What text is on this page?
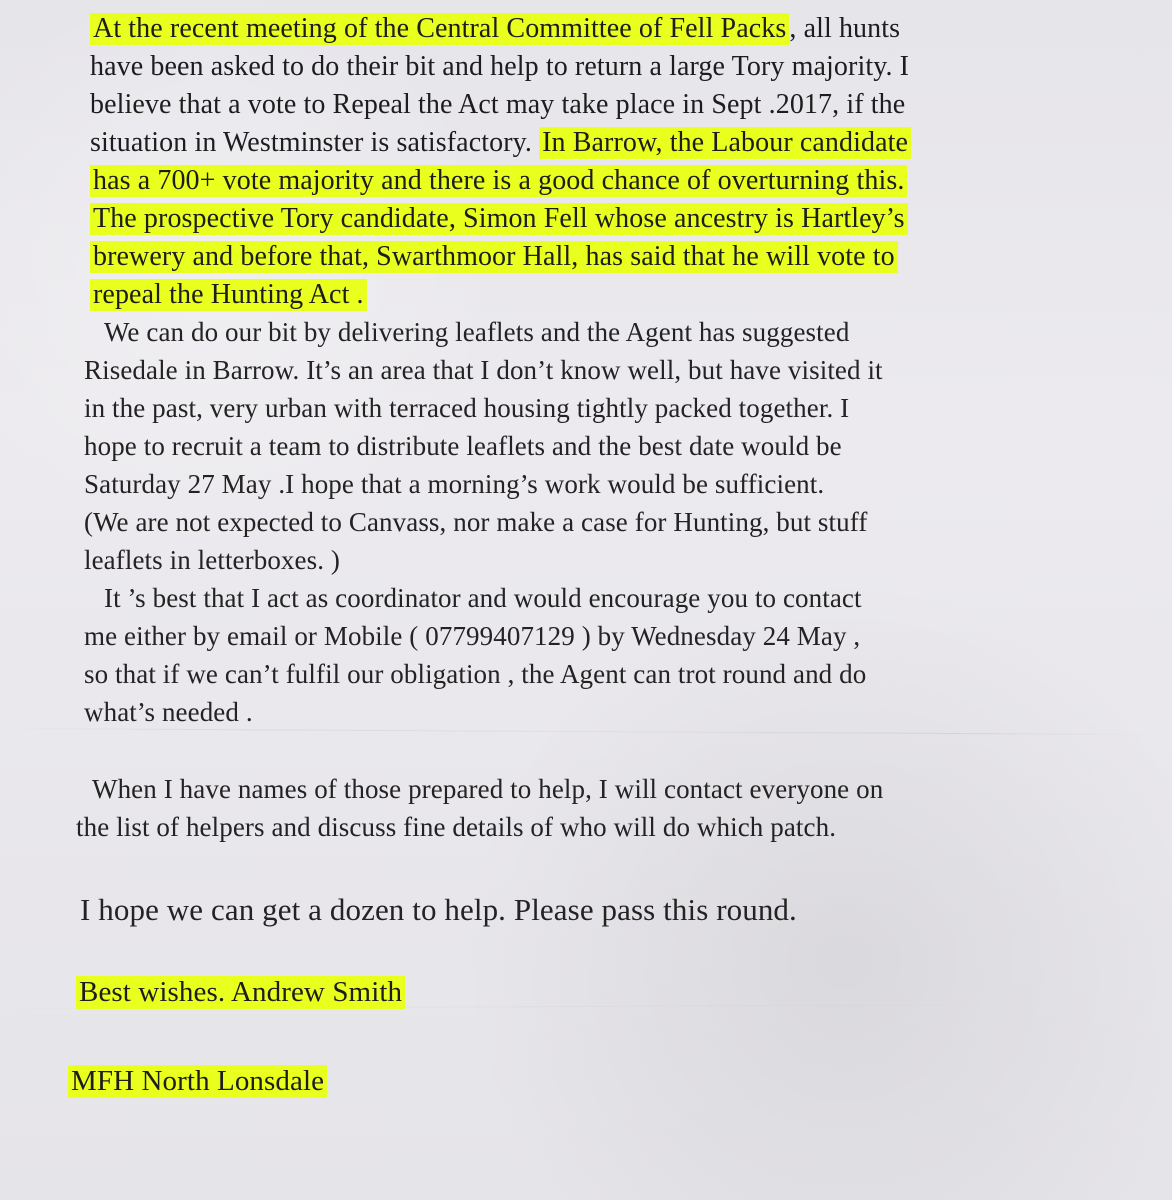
At the recent meeting of the Central Committee of Fell Packs , all hunts
have been asked to do their bit and help to return a large Tory majority. I
believe that a vote to Repeal the Act may take place in Sept .2017, if the
situation in Westminster is satisfactory. In Barrow, the Labour candidate
has a 700+ vote majority and there is a good chance of overturning this.
The prospective Tory candidate, Simon Fell whose ancestry is Hartley’s
brewery and before that, Swarthmoor Hall, has said that he will vote to
repeal the Hunting Act .
We can do our bit by delivering leaflets and the Agent has suggested
Risedale in Barrow. It’s an area that I don’t know well, but have visited it
in the past, very urban with terraced housing tightly packed together. I
hope to recruit a team to distribute leaflets and the best date would be
Saturday 27 May .I hope that a morning’s work would be sufficient.
(We are not expected to Canvass, nor make a case for Hunting, but stuff
leaflets in letterboxes. )
It ’s best that I act as coordinator and would encourage you to contact
me either by email or Mobile ( 07799407129 ) by Wednesday 24 May ,
so that if we can’t fulfil our obligation , the Agent can trot round and do
what’s needed .
When I have names of those prepared to help, I will contact everyone on
the list of helpers and discuss fine details of who will do which patch.
I hope we can get a dozen to help. Please pass this round.
Best wishes. Andrew Smith
MFH North Lonsdale
